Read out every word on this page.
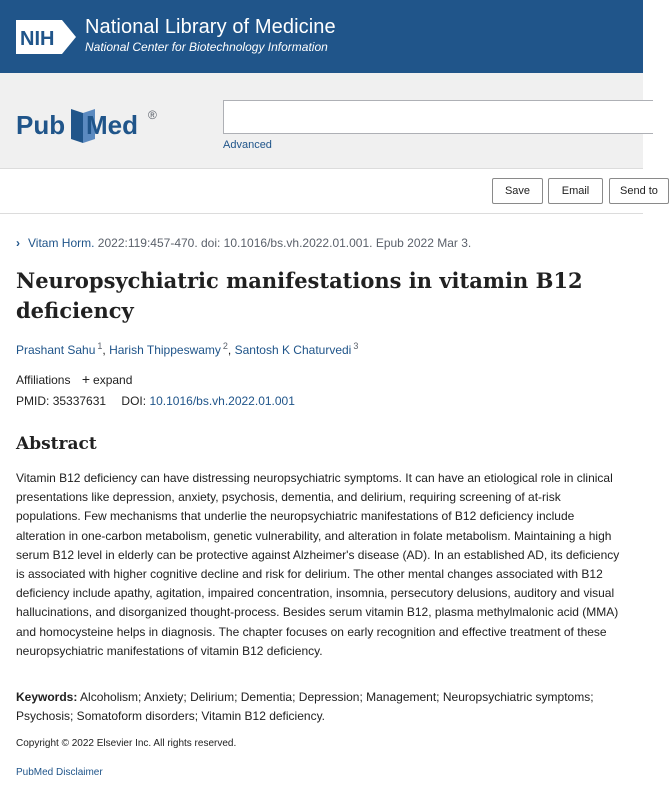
NIH
National Library of Medicine
National Center for Biotechnology Information
Pub Med ®
Advanced
Save	Email	Send to
› Vitam Horm. 2022:119:457-470. doi: 10.1016/bs.vh.2022.01.001. Epub 2022 Mar 3.
Neuropsychiatric manifestations in vitamin B12 deficiency
Prashant Sahu $^1$, Harish Thippeswamy $^2$, Santosh K Chaturvedi $^3$
Affiliations + expand
PMID: 35337631 DOI: 10.1016/bs.vh.2022.01.001
Abstract

Vitamin B12 deficiency can have distressing neuropsychiatric symptoms. It can have an etiological role in clinical presentations like depression, anxiety, psychosis, dementia, and delirium, requiring screening of at-risk populations. Few mechanisms that underlie the neuropsychiatric manifestations of B12 deficiency include alteration in one-carbon metabolism, genetic vulnerability, and alteration in folate metabolism. Maintaining a high serum B12 level in elderly can be protective against Alzheimer's disease (AD). In an established AD, its deficiency is associated with higher cognitive decline and risk for delirium. The other mental changes associated with B12 deficiency include apathy, agitation, impaired concentration, insomnia, persecutory delusions, auditory and visual hallucinations, and disorganized thought-process. Besides serum vitamin B12, plasma methylmalonic acid (MMA) and homocysteine helps in diagnosis. The chapter focuses on early recognition and effective treatment of these neuropsychiatric manifestations of vitamin B12 deficiency.

Keywords: Alcoholism; Anxiety; Delirium; Dementia; Depression; Management; Neuropsychiatric symptoms; Psychosis; Somatoform disorders; Vitamin B12 deficiency.

Copyright © 2022 Elsevier Inc. All rights reserved.
PubMed Disclaimer
